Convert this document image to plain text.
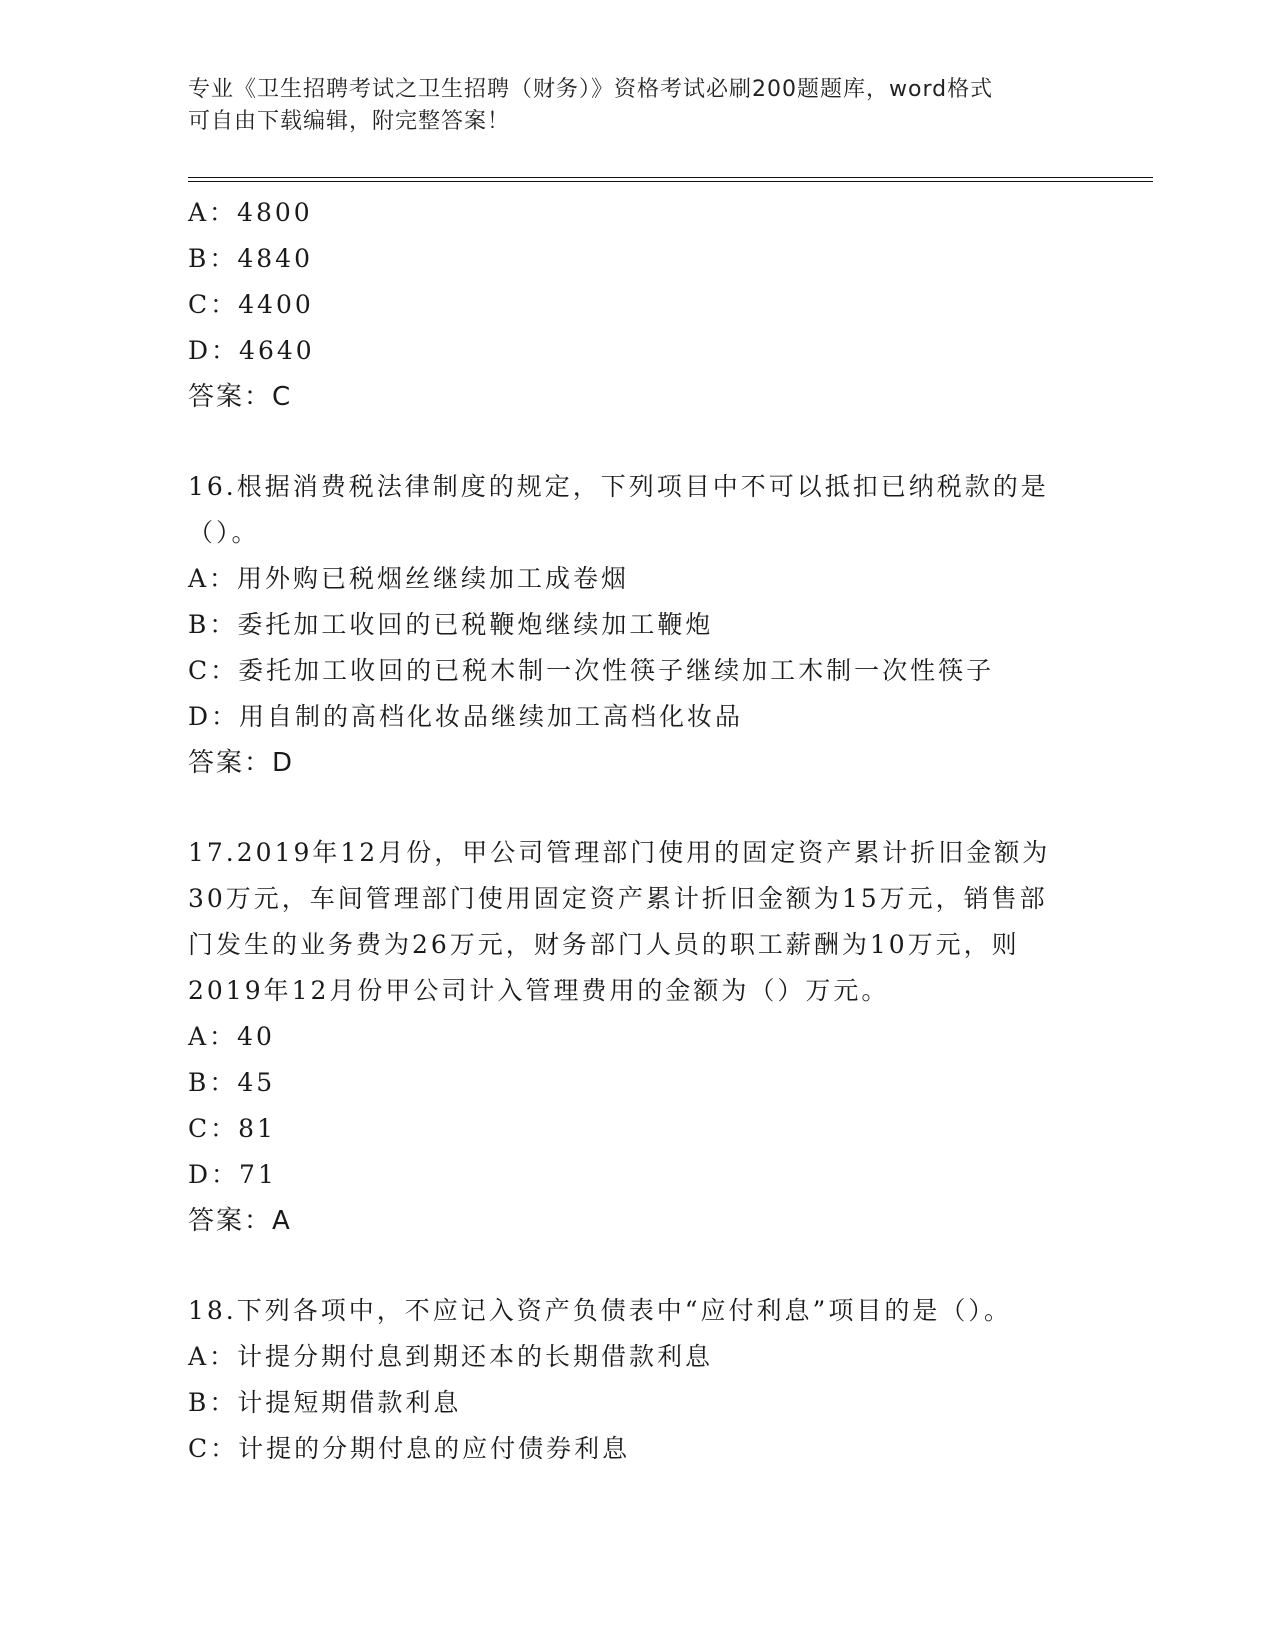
专业《卫生招聘考试之卫生招聘（财务）》资格考试必刷200题题库，word格式
可自由下载编辑，附完整答案！
A：4800
B：4840
C：4400
D：4640
答案：C
16.根据消费税法律制度的规定，下列项目中不可以抵扣已纳税款的是
（）。
A：用外购已税烟丝继续加工成卷烟
B：委托加工收回的已税鞭炮继续加工鞭炮
C：委托加工收回的已税木制一次性筷子继续加工木制一次性筷子
D：用自制的高档化妆品继续加工高档化妆品
答案：D
17.2019年12月份，甲公司管理部门使用的固定资产累计折旧金额为
30万元，车间管理部门使用固定资产累计折旧金额为15万元，销售部
门发生的业务费为26万元，财务部门人员的职工薪酬为10万元，则
2019年12月份甲公司计入管理费用的金额为（）万元。
A：40
B：45
C：81
D：71
答案：A
18.下列各项中，不应记入资产负债表中“应付利息”项目的是（）。
A：计提分期付息到期还本的长期借款利息
B：计提短期借款利息
C：计提的分期付息的应付债券利息
